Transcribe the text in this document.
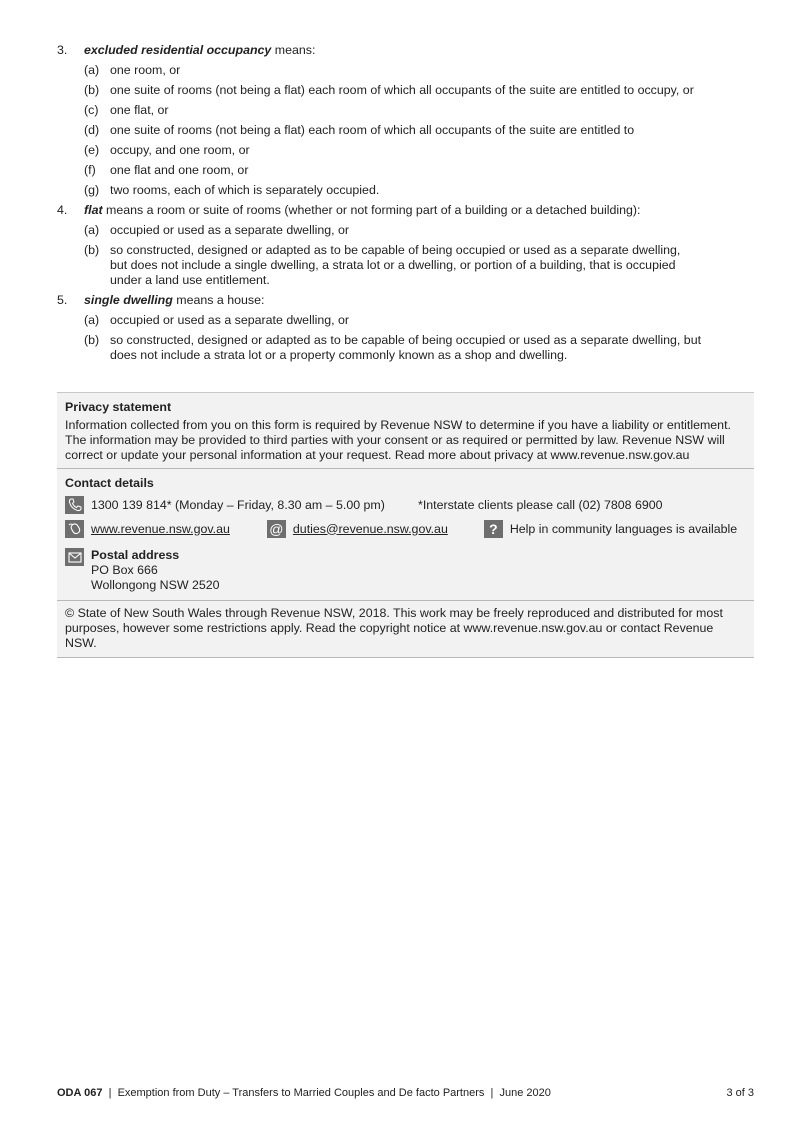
3.	excluded residential occupancy means:
(a) one room, or
(b) one suite of rooms (not being a flat) each room of which all occupants of the suite are entitled to occupy, or
(c) one flat, or
(d) one suite of rooms (not being a flat) each room of which all occupants of the suite are entitled to
(e) occupy, and one room, or
(f)	one flat and one room, or
(g) two rooms, each of which is separately occupied.
4.	flat means a room or suite of rooms (whether or not forming part of a building or a detached building):
(a) occupied or used as a separate dwelling, or
(b) so constructed, designed or adapted as to be capable of being occupied or used as a separate dwelling, but does not include a single dwelling, a strata lot or a dwelling, or portion of a building, that is occupied under a land use entitlement.
5.	single dwelling means a house:
(a) occupied or used as a separate dwelling, or
(b) so constructed, designed or adapted as to be capable of being occupied or used as a separate dwelling, but does not include a strata lot or a property commonly known as a shop and dwelling.
Privacy statement
Information collected from you on this form is required by Revenue NSW to determine if you have a liability or entitlement. The information may be provided to third parties with your consent or as required or permitted by law. Revenue NSW will correct or update your personal information at your request. Read more about privacy at www.revenue.nsw.gov.au
Contact details
1300 139 814* (Monday – Friday, 8.30 am – 5.00 pm)	*Interstate clients please call (02) 7808 6900
www.revenue.nsw.gov.au	@ duties@revenue.nsw.gov.au	? Help in community languages is available
Postal address
PO Box 666
Wollongong NSW 2520
© State of New South Wales through Revenue NSW, 2018. This work may be freely reproduced and distributed for most purposes, however some restrictions apply. Read the copyright notice at www.revenue.nsw.gov.au or contact Revenue NSW.
ODA 067 | Exemption from Duty – Transfers to Married Couples and De facto Partners | June 2020	3 of 3
